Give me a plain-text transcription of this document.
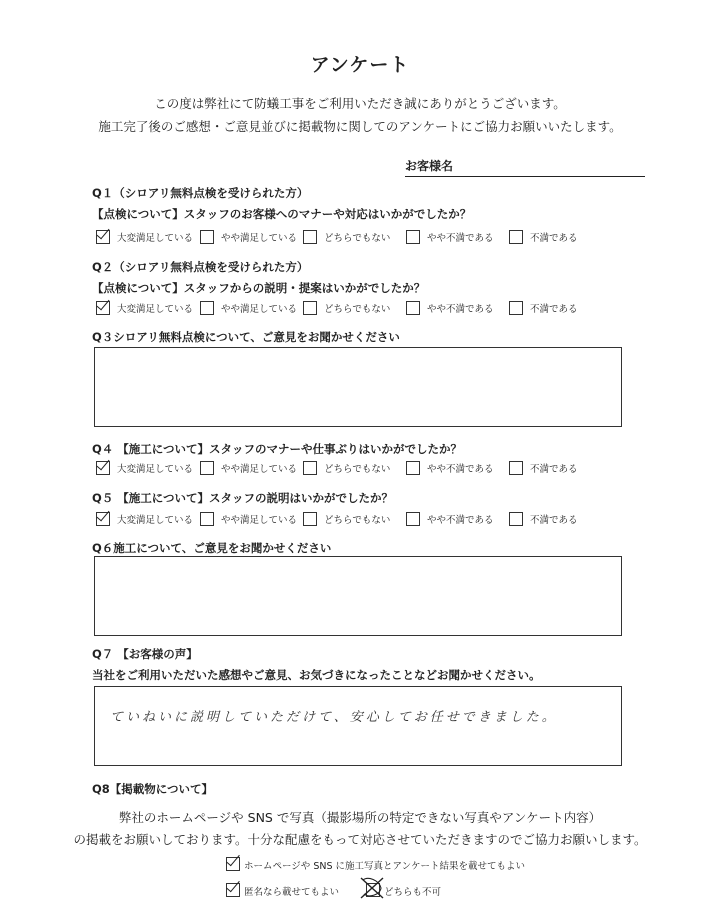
アンケート
この度は弊社にて防蟻工事をご利用いただき誠にありがとうございます。
施工完了後のご感想・ご意見並びに掲載物に関してのアンケートにご協力お願いいたします。
お客様名
Q１（シロアリ無料点検を受けられた方）
【点検について】スタッフのお客様へのマナーや対応はいかがでしたか？
大変満足している	やや満足している	どちらでもない	やや不満である	不満である
Q２（シロアリ無料点検を受けられた方）
【点検について】スタッフからの説明・提案はいかがでしたか？
大変満足している	やや満足している	どちらでもない	やや不満である	不満である
Q３シロアリ無料点検について、ご意見をお聞かせください
Q４ 【施工について】スタッフのマナーや仕事ぶりはいかがでしたか？
大変満足している	やや満足している	どちらでもない	やや不満である	不満である
Q５ 【施工について】スタッフの説明はいかがでしたか？
大変満足している	やや満足している	どちらでもない	やや不満である	不満である
Q６施工について、ご意見をお聞かせください
Q７ 【お客様の声】
当社をご利用いただいた感想やご意見、お気づきになったことなどお聞かせください。
ていねいに説明していただけて、安心してお任せできました。
Q8【掲載物について】
弊社のホームページや SNS で写真（撮影場所の特定できない写真やアンケート内容）
の掲載をお願いしております。十分な配慮をもって対応させていただきますのでご協力お願いします。
ホームページや SNS に施工写真とアンケート結果を載せてもよい
匿名なら載せてもよい	どちらも不可
